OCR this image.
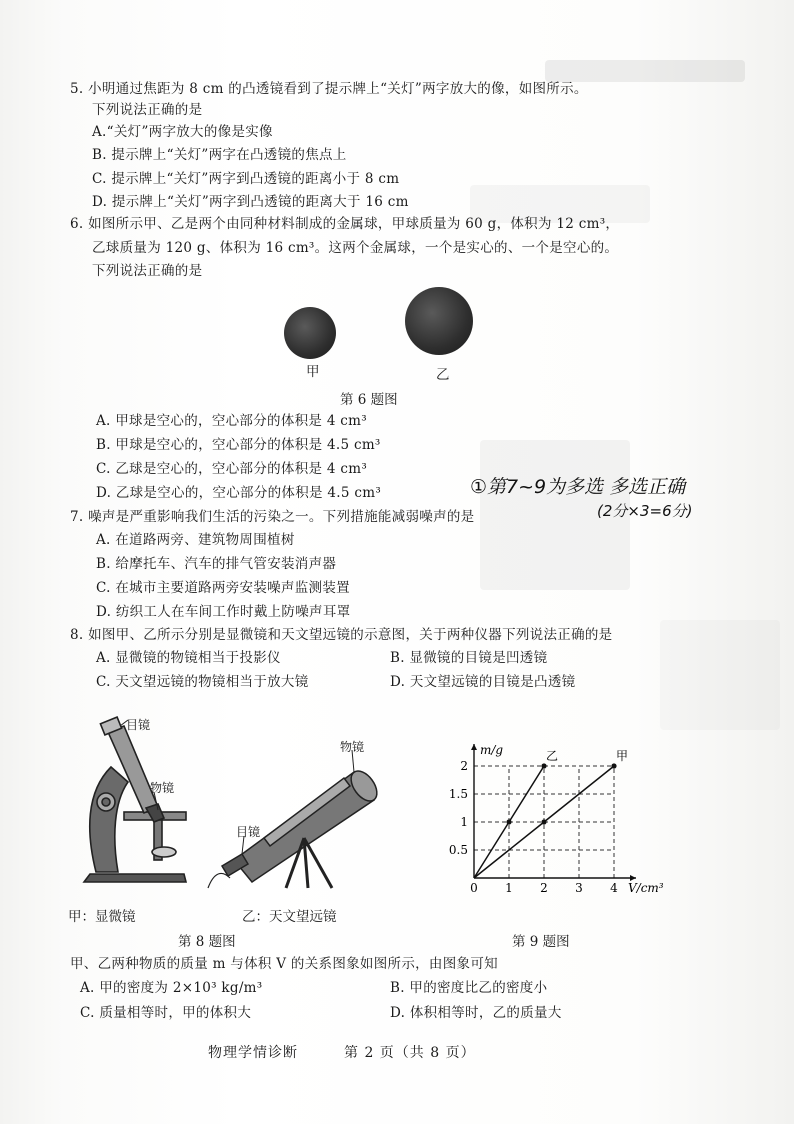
5. 小明通过焦距为 8 cm 的凸透镜看到了提示牌上“关灯”两字放大的像，如图所示。
下列说法正确的是
A.“关灯”两字放大的像是实像
B. 提示牌上“关灯”两字在凸透镜的焦点上
C. 提示牌上“关灯”两字到凸透镜的距离小于 8 cm
D. 提示牌上“关灯”两字到凸透镜的距离大于 16 cm
6. 如图所示甲、乙是两个由同种材料制成的金属球，甲球质量为 60 g，体积为 12 cm³，
乙球质量为 120 g、体积为 16 cm³。这两个金属球，一个是实心的、一个是空心的。
下列说法正确的是
甲	乙
第 6 题图
A. 甲球是空心的，空心部分的体积是 4 cm³
B. 甲球是空心的，空心部分的体积是 4.5 cm³
C. 乙球是空心的，空心部分的体积是 4 cm³
D. 乙球是空心的，空心部分的体积是 4.5 cm³	①第7~9为多选 多选正确
(2分×3=6分)
7. 噪声是严重影响我们生活的污染之一。下列措施能减弱噪声的是
A. 在道路两旁、建筑物周围植树
B. 给摩托车、汽车的排气管安装消声器
C. 在城市主要道路两旁安装噪声监测装置
D. 纺织工人在车间工作时戴上防噪声耳罩
8. 如图甲、乙所示分别是显微镜和天文望远镜的示意图，关于两种仪器下列说法正确的是
A. 显微镜的物镜相当于投影仪	B. 显微镜的目镜是凹透镜
C. 天文望远镜的物镜相当于放大镜	D. 天文望远镜的目镜是凸透镜
目镜
物镜
物镜
目镜
甲：显微镜	乙：天文望远镜
第 8 题图
0 1 2 3 4
0.5
1
1.5
2
V/cm³
m/g	乙	甲
第 9 题图
甲、乙两种物质的质量 m 与体积 V 的关系图象如图所示，由图象可知
A. 甲的密度为 2×10³ kg/m³	B. 甲的密度比乙的密度小
C. 质量相等时，甲的体积大	D. 体积相等时，乙的质量大
物理学情诊断	第 2 页（共 8 页）
